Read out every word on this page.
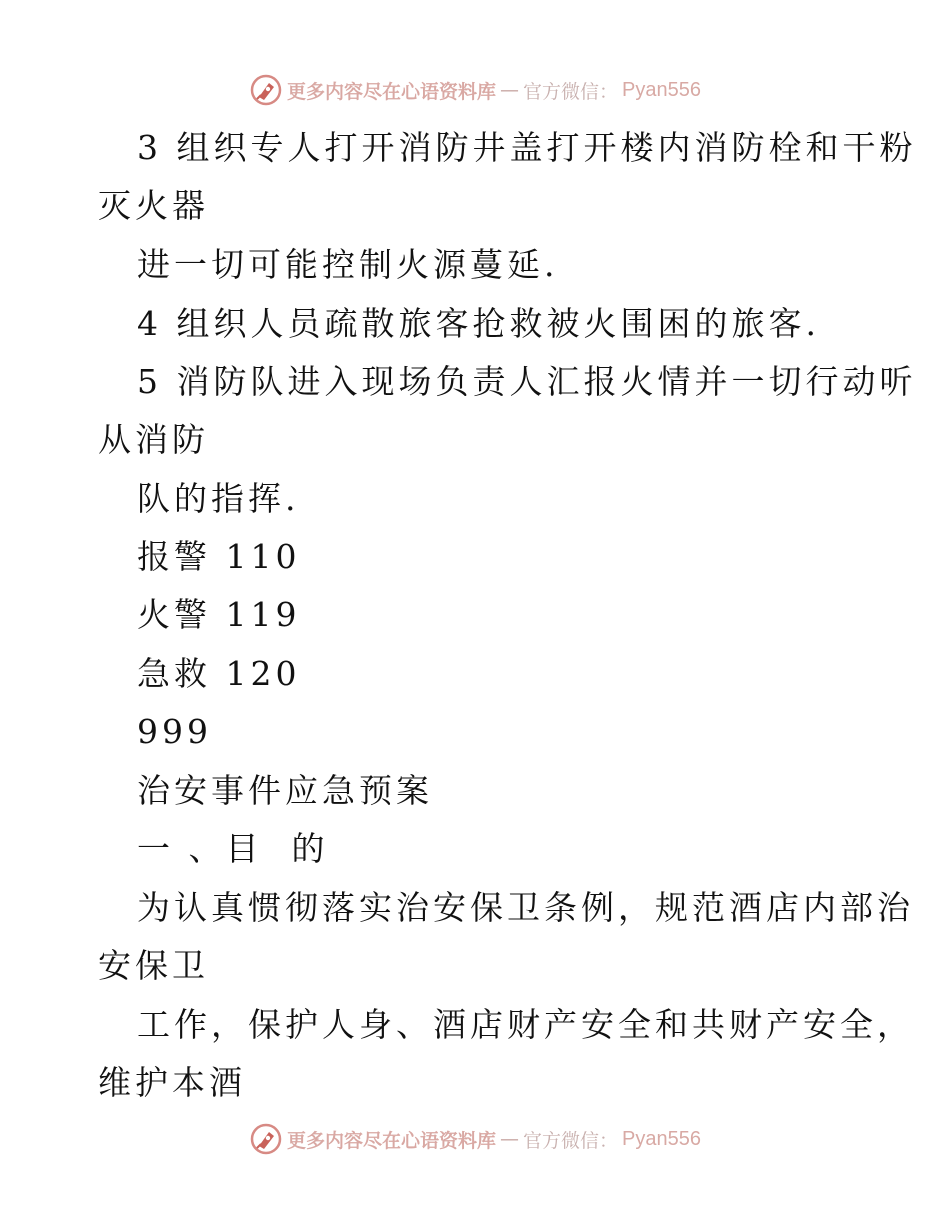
更多内容尽在心语资料库 — 官方微信： Pyan556
3 组织专人打开消防井盖打开楼内消防栓和干粉
灭火器
进一切可能控制火源蔓延.
4 组织人员疏散旅客抢救被火围困的旅客.
5 消防队进入现场负责人汇报火情并一切行动听
从消防
队的指挥.
报警 110
火警 119
急救 120
999
治安事件应急预案
一 、目  的
为认真惯彻落实治安保卫条例，规范酒店内部治
安保卫
工作，保护人身、酒店财产安全和共财产安全，
维护本酒
更多内容尽在心语资料库 — 官方微信： Pyan556
